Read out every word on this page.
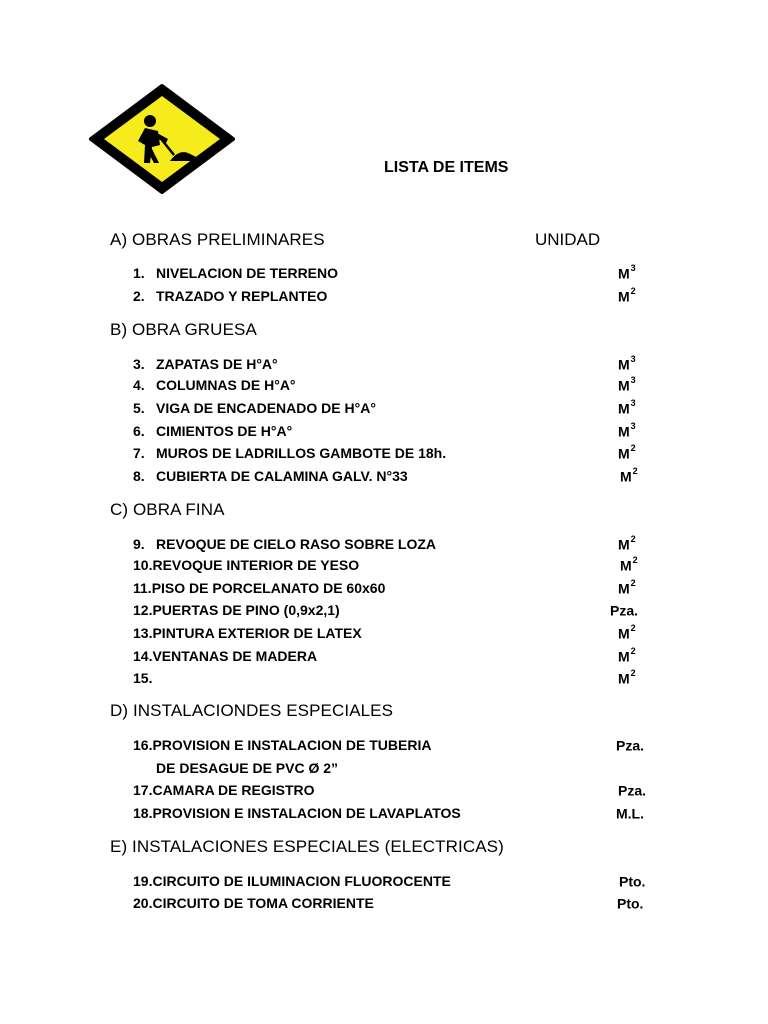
LISTA DE ITEMS
A) OBRAS PRELIMINARES	UNIDAD
B) OBRA GRUESA
C) OBRA FINA
D) INSTALACIONDES ESPECIALES
E) INSTALACIONES ESPECIALES (ELECTRICAS)
1. NIVELACION DE TERRENO	$M^3$
2. TRAZADO Y REPLANTEO	$M^2$
3. ZAPATAS DE H°A°	$M^3$
4. COLUMNAS DE H°A°	$M^3$
5. VIGA DE ENCADENADO DE H°A°	$M^3$
6. CIMIENTOS DE H°A°	$M^3$
7. MUROS DE LADRILLOS GAMBOTE DE 18h.	$M^2$
8. CUBIERTA DE CALAMINA GALV. N°33	$M^2$
9. REVOQUE DE CIELO RASO SOBRE LOZA	$M^2$
10.REVOQUE INTERIOR DE YESO	$M^2$
11.PISO DE PORCELANATO DE 60x60	$M^2$
12.PUERTAS DE PINO (0,9x2,1)	Pza.
13.PINTURA EXTERIOR DE LATEX	$M^2$
14.VENTANAS DE MADERA	$M^2$
15.	$M^2$
16.PROVISION E INSTALACION DE TUBERIA	Pza.
DE DESAGUE DE PVC Ø 2”
17.CAMARA DE REGISTRO	Pza.
18.PROVISION E INSTALACION DE LAVAPLATOS	M.L.
19.CIRCUITO DE ILUMINACION FLUOROCENTE	Pto.
20.CIRCUITO DE TOMA CORRIENTE	Pto.
